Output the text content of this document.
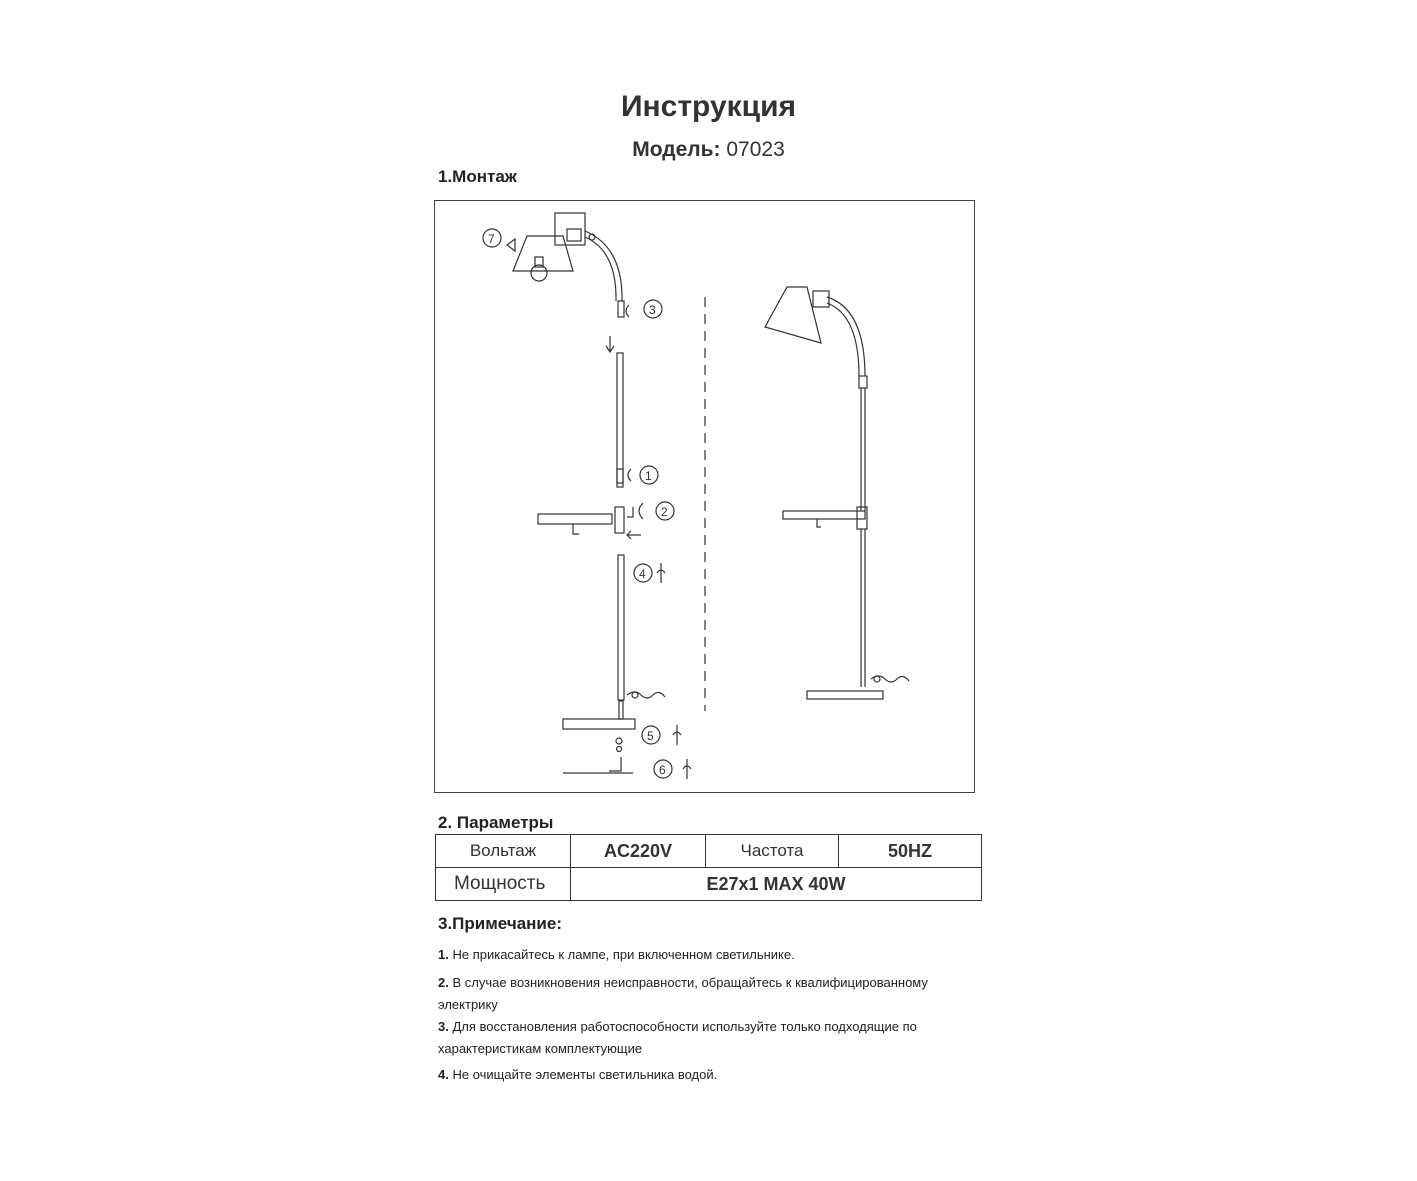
Инструкция
Модель: 07023
1.Монтаж
7
3
1
2
4
5
6
2. Параметры
Вольтаж	AC220V	Частота	50HZ
Мощность	E27x1 MAX 40W		
3.Примечание:
1. Не прикасайтесь к лампе, при включенном светильнике.
2. В случае возникновения неисправности, обращайтесь к квалифицированному
электрику
3. Для восстановления работоспособности используйте только подходящие по
характеристикам комплектующие
4. Не очищайте элементы светильника водой.
